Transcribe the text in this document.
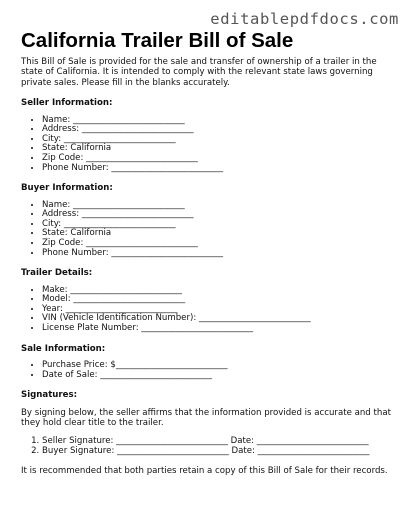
editablepdfdocs.com
California Trailer Bill of Sale

This Bill of Sale is provided for the sale and transfer of ownership of a trailer in the state of California. It is intended to comply with the relevant state laws governing private sales. Please fill in the blanks accurately.

Seller Information:
• Name: __________________________
• Address: __________________________
• City: __________________________
• State: California
• Zip Code: __________________________
• Phone Number: __________________________
Buyer Information:
• Name: __________________________
• Address: __________________________
• City: __________________________
• State: California
• Zip Code: __________________________
• Phone Number: __________________________
Trailer Details:
• Make: __________________________
• Model: __________________________
• Year: __________________________
• VIN (Vehicle Identification Number): __________________________
• License Plate Number: __________________________
Sale Information:
• Purchase Price: $__________________________
• Date of Sale: __________________________
Signatures:

By signing below, the seller affirms that the information provided is accurate and that they hold clear title to the trailer.

1. Seller Signature: __________________________ Date: __________________________
2. Buyer Signature: __________________________ Date: __________________________

It is recommended that both parties retain a copy of this Bill of Sale for their records.
